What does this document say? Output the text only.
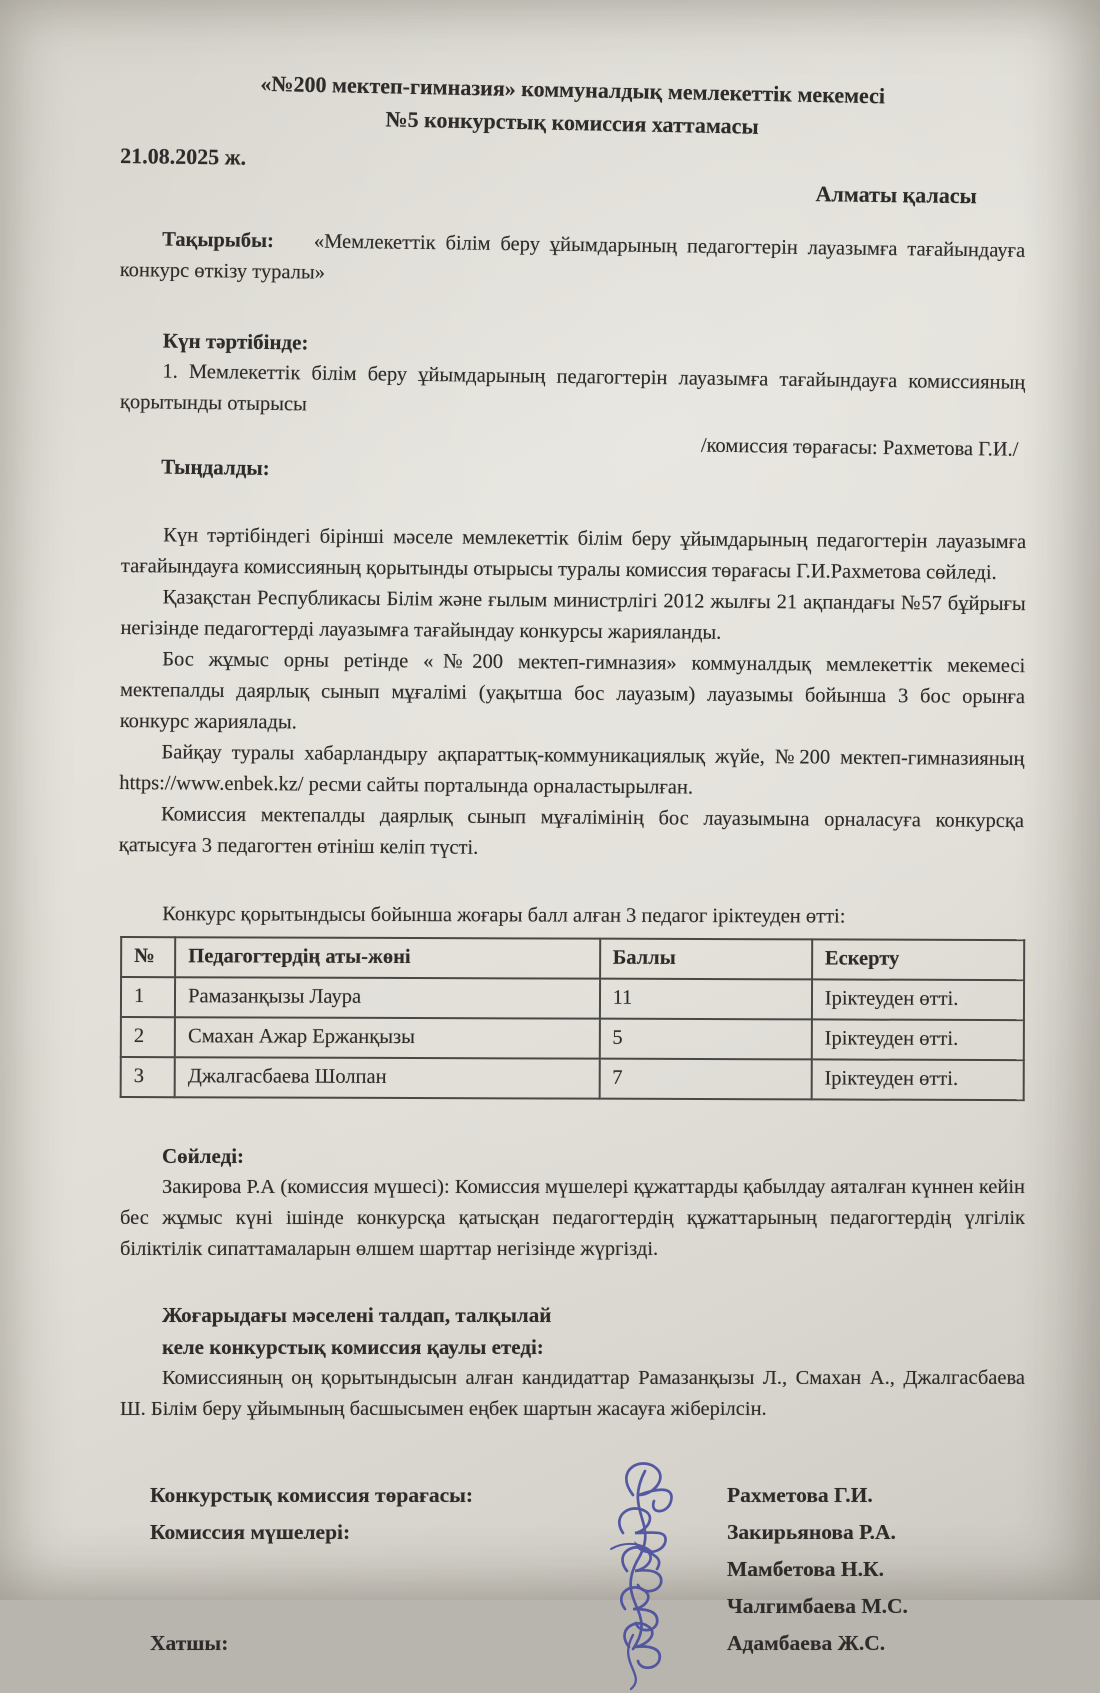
«№200 мектеп-гимназия» коммуналдық мемлекеттік мекемесі
№5 конкурстық комиссия хаттамасы
21.08.2025 ж.
Алматы қаласы

Тақырыбы: «Мемлекеттік білім беру ұйымдарының педагогтерін лауазымға тағайындауға конкурс өткізу туралы»

Күн тәртібінде:

1. Мемлекеттік білім беру ұйымдарының педагогтерін лауазымға тағайындауға комиссияның қорытынды отырысы

/комиссия төрағасы: Рахметова Г.И./

Тыңдалды:

Күн тәртібіндегі бірінші мәселе мемлекеттік білім беру ұйымдарының педагогтерін лауазымға тағайындауға комиссияның қорытынды отырысы туралы комиссия төрағасы Г.И.Рахметова сөйледі.

Қазақстан Республикасы Білім және ғылым министрлігі 2012 жылғы 21 ақпандағы №57 бұйрығы негізінде педагогтерді лауазымға тағайындау конкурсы жарияланды.

Бос жұмыс орны ретінде «№200 мектеп-гимназия» коммуналдық мемлекеттік мекемесі мектепалды даярлық сынып мұғалімі (уақытша бос лауазым) лауазымы бойынша 3 бос орынға конкурс жариялады.

Байқау туралы хабарландыру ақпараттық-коммуникациялық жүйе, №200 мектеп-гимназияның https://www.enbek.kz/ ресми сайты порталында орналастырылған.

Комиссия мектепалды даярлық сынып мұғалімінің бос лауазымына орналасуға конкурсқа қатысуға 3 педагогтен өтініш келіп түсті.

Конкурс қорытындысы бойынша жоғары балл алған 3 педагог іріктеуден өтті:

№	Педагогтердің аты-жөні	Баллы	Ескерту
1	Рамазанқызы Лаура	11	Іріктеуден өтті.
2	Смахан Ажар Ержанқызы	5	Іріктеуден өтті.
3	Джалгасбаева Шолпан	7	Іріктеуден өтті.

Сөйледі:

Закирова Р.А (комиссия мүшесі): Комиссия мүшелері құжаттарды қабылдау аяталған күннен кейін бес жұмыс күні ішінде конкурсқа қатысқан педагогтердің құжаттарының педагогтердің үлгілік біліктілік сипаттамаларын өлшем шарттар негізінде жүргізді.

Жоғарыдағы мәселені талдап, талқылай

келе конкурстық комиссия қаулы етеді:

Комиссияның оң қорытындысын алған кандидаттар Рамазанқызы Л., Смахан А., Джалгасбаева Ш. Білім беру ұйымының басшысымен еңбек шартын жасауға жіберілсін.

Конкурстық комиссия төрағасы:	Рахметова Г.И.
Комиссия мүшелері:	Закирьянова Р.А.
Мамбетова Н.К.
Чалгимбаева М.С.
Хатшы:	Адамбаева Ж.С.
